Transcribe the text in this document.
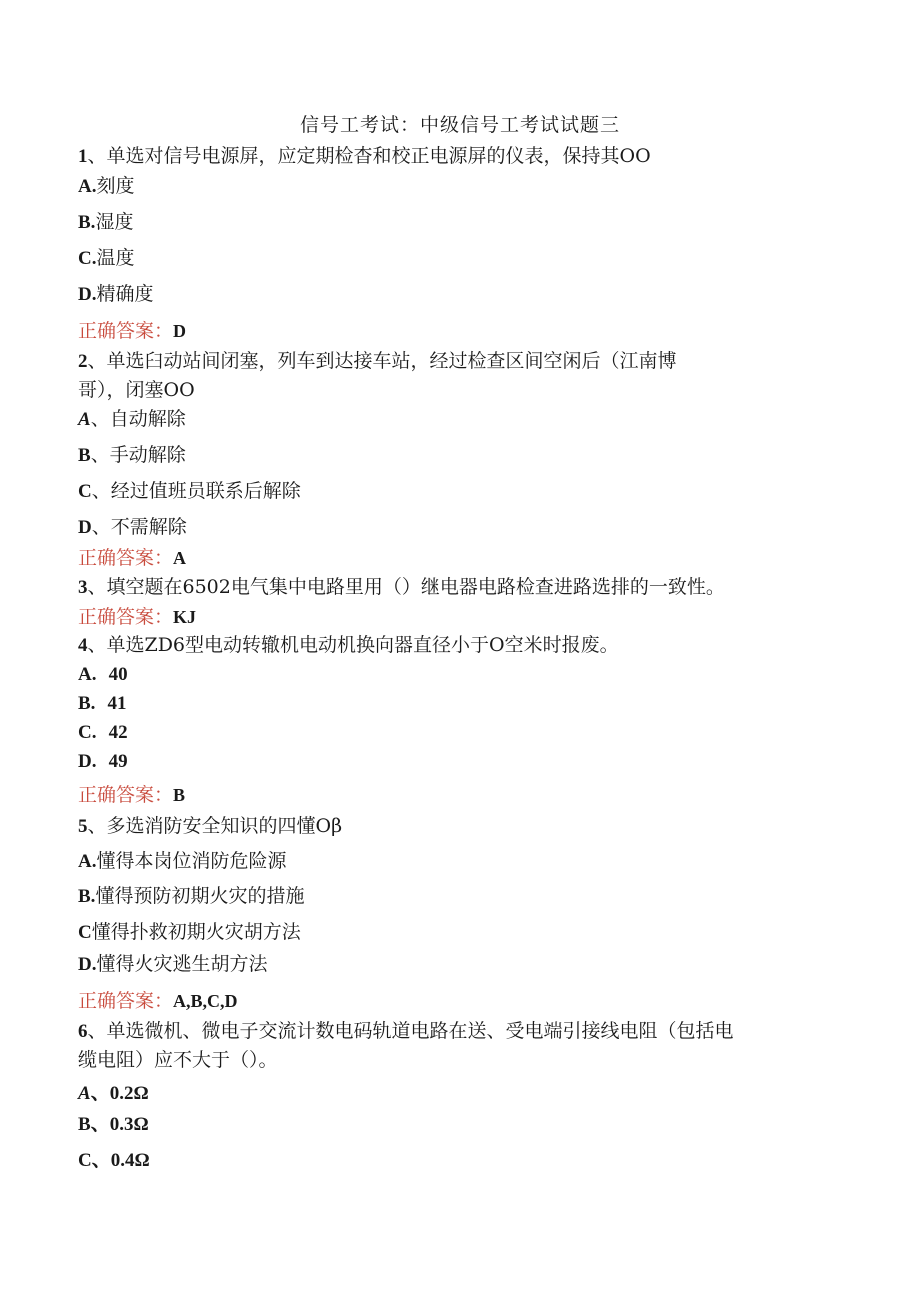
信号工考试：中级信号工考试试题三
1、单选对信号电源屏，应定期检杳和校正电源屏的仪表，保持其OO
A.刻度
B.湿度
C.温度
D.精确度
正确答案：D
2、单选臼动站间闭塞，列车到达接车站，经过检查区间空闲后（江南博
哥），闭塞OO
A、自动解除
B、手动解除
C、经过值班员联系后解除
D、不需解除
正确答案：A
3、填空题在6502电气集中电路里用（）继电器电路检查进路选排的一致性。
正确答案：KJ
4、单选ZD6型电动转辙机电动机换向器直径小于O空米时报废。
A. 40
B. 41
C. 42
D. 49
正确答案：B
5、多选消防安全知识的四懂Oβ
A.懂得本岗位消防危险源
B.懂得预防初期火灾的措施
C懂得扑救初期火灾胡方法
D.懂得火灾逃生胡方法
正确答案：A,B,C,D
6、单选微机、微电子交流计数电码轨道电路在送、受电端引接线电阻（包括电
缆电阻）应不大于（）。
A、0.2Ω
B、0.3Ω
C、0.4Ω
